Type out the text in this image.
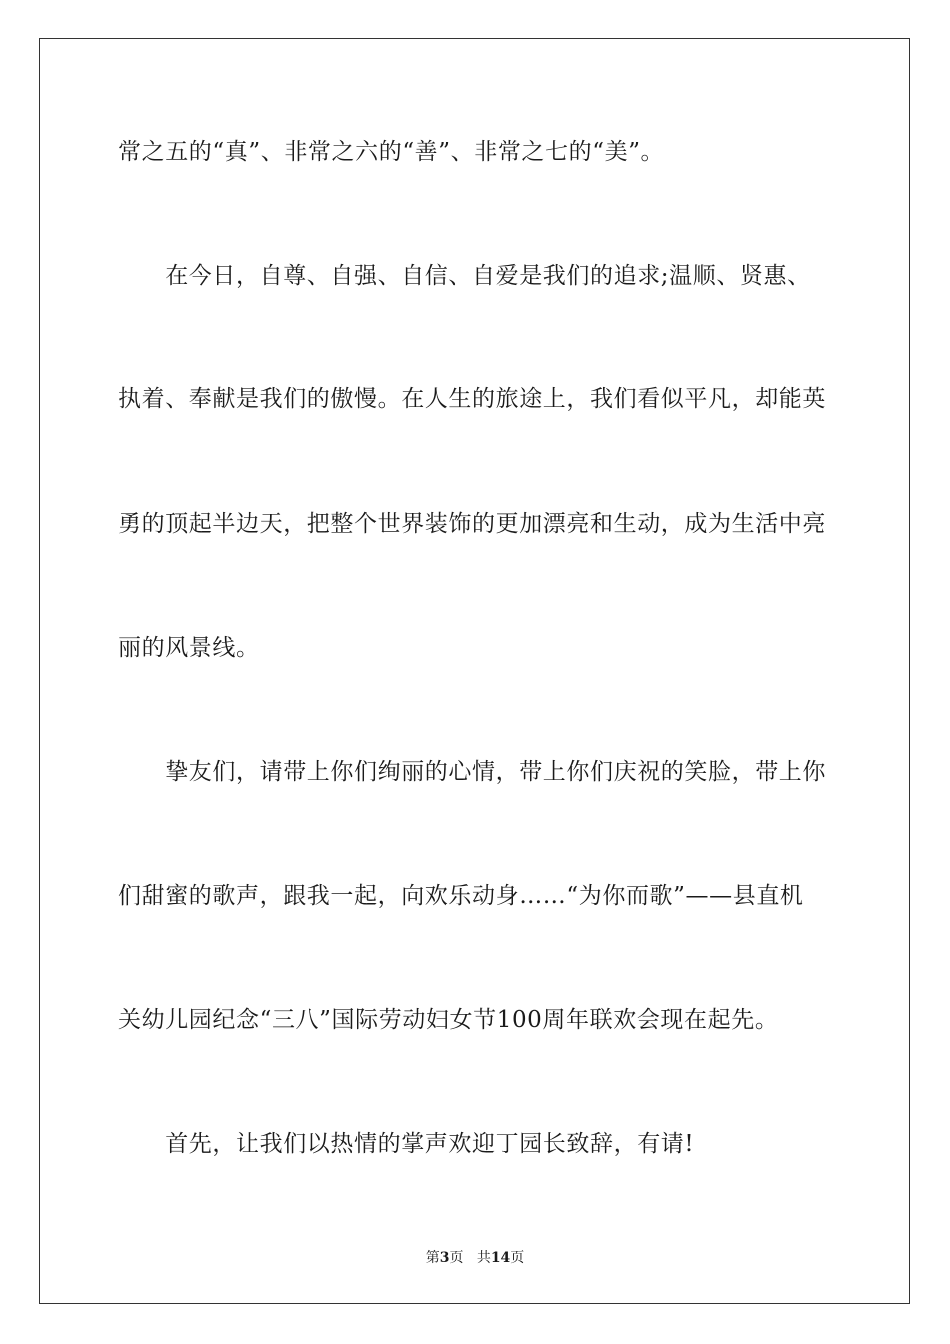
常之五的“真”、非常之六的“善”、非常之七的“美”。
　　在今日，自尊、自强、自信、自爱是我们的追求;温顺、贤惠、
执着、奉献是我们的傲慢。在人生的旅途上，我们看似平凡，却能英
勇的顶起半边天，把整个世界装饰的更加漂亮和生动，成为生活中亮
丽的风景线。
　　挚友们，请带上你们绚丽的心情，带上你们庆祝的笑脸，带上你
们甜蜜的歌声，跟我一起，向欢乐动身……“为你而歌”——县直机
关幼儿园纪念“三八”国际劳动妇女节100周年联欢会现在起先。
　　首先，让我们以热情的掌声欢迎丁园长致辞，有请!
第3页 共14页
